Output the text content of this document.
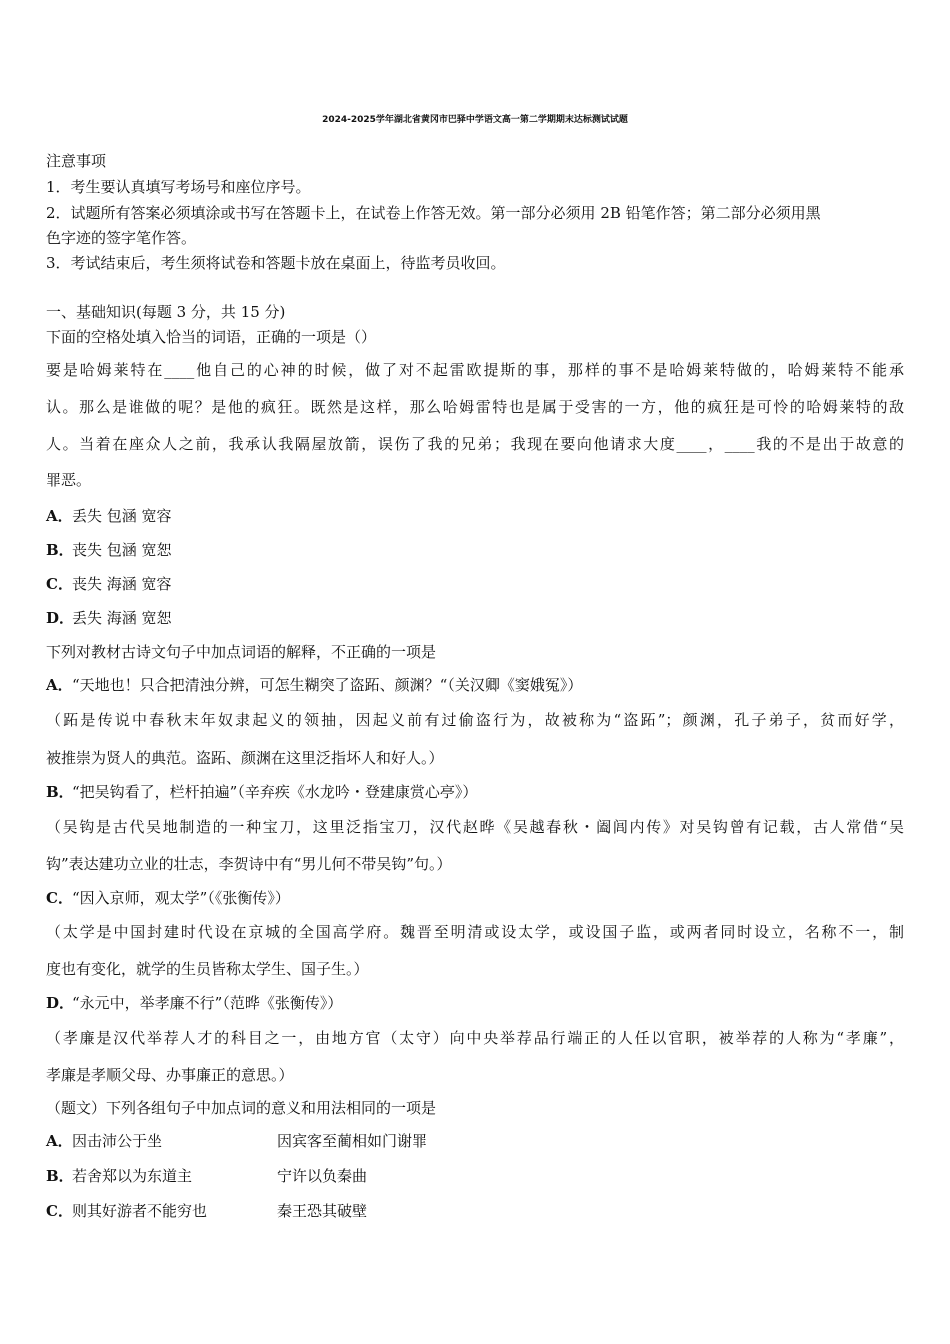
2024-2025学年湖北省黄冈市巴驿中学语文高一第二学期期末达标测试试题
注意事项
1．考生要认真填写考场号和座位序号。
2．试题所有答案必须填涂或书写在答题卡上，在试卷上作答无效。第一部分必须用 2B 铅笔作答；第二部分必须用黑
色字迹的签字笔作答。
3．考试结束后，考生须将试卷和答题卡放在桌面上，待监考员收回。
一、基础知识(每题 3 分，共 15 分)
下面的空格处填入恰当的词语，正确的一项是（）
要是哈姆莱特在____他自己的心神的时候，做了对不起雷欧提斯的事，那样的事不是哈姆莱特做的，哈姆莱特不能承
认。那么是谁做的呢？是他的疯狂。既然是这样，那么哈姆雷特也是属于受害的一方，他的疯狂是可怜的哈姆莱特的敌
人。当着在座众人之前，我承认我隔屋放箭，误伤了我的兄弟；我现在要向他请求大度____，____我的不是出于故意的
罪恶。
A．丢失 包涵 宽容
B．丧失 包涵 宽恕
C．丧失 海涵 宽容
D．丢失 海涵 宽恕
下列对教材古诗文句子中加点词语的解释，不正确的一项是
A．“天地也！只合把清浊分辨，可怎生糊突了盗跖、颜渊？“（关汉卿《窦娥冤》）
（跖是传说中春秋末年奴隶起义的领抽，因起义前有过偷盗行为，故被称为“盗跖”；颜渊，孔子弟子，贫而好学，
被推崇为贤人的典范。盗跖、颜渊在这里泛指坏人和好人。）
B．“把吴钩看了，栏杆拍遍”（辛弃疾《水龙吟・登建康赏心亭》）
（吴钩是古代吴地制造的一种宝刀，这里泛指宝刀，汉代赵晔《吴越春秋・阖闾内传》对吴钩曾有记载，古人常借“吴
钩”表达建功立业的壮志，李贺诗中有“男儿何不带吴钩”句。）
C．“因入京师，观太学”（《张衡传》）
（太学是中国封建时代设在京城的全国高学府。魏晋至明清或设太学，或设国子监，或两者同时设立，名称不一，制
度也有变化，就学的生员皆称太学生、国子生。）
D．“永元中，举孝廉不行”（范晔《张衡传》）
（孝廉是汉代举荐人才的科目之一，由地方官（太守）向中央举荐品行端正的人任以官职，被举荐的人称为“孝廉”，
孝廉是孝顺父母、办事廉正的意思。）
（题文）下列各组句子中加点词的意义和用法相同的一项是
A．因击沛公于坐	因宾客至蔺相如门谢罪
B．若舍郑以为东道主	宁许以负秦曲
C．则其好游者不能穷也	秦王恐其破壁
